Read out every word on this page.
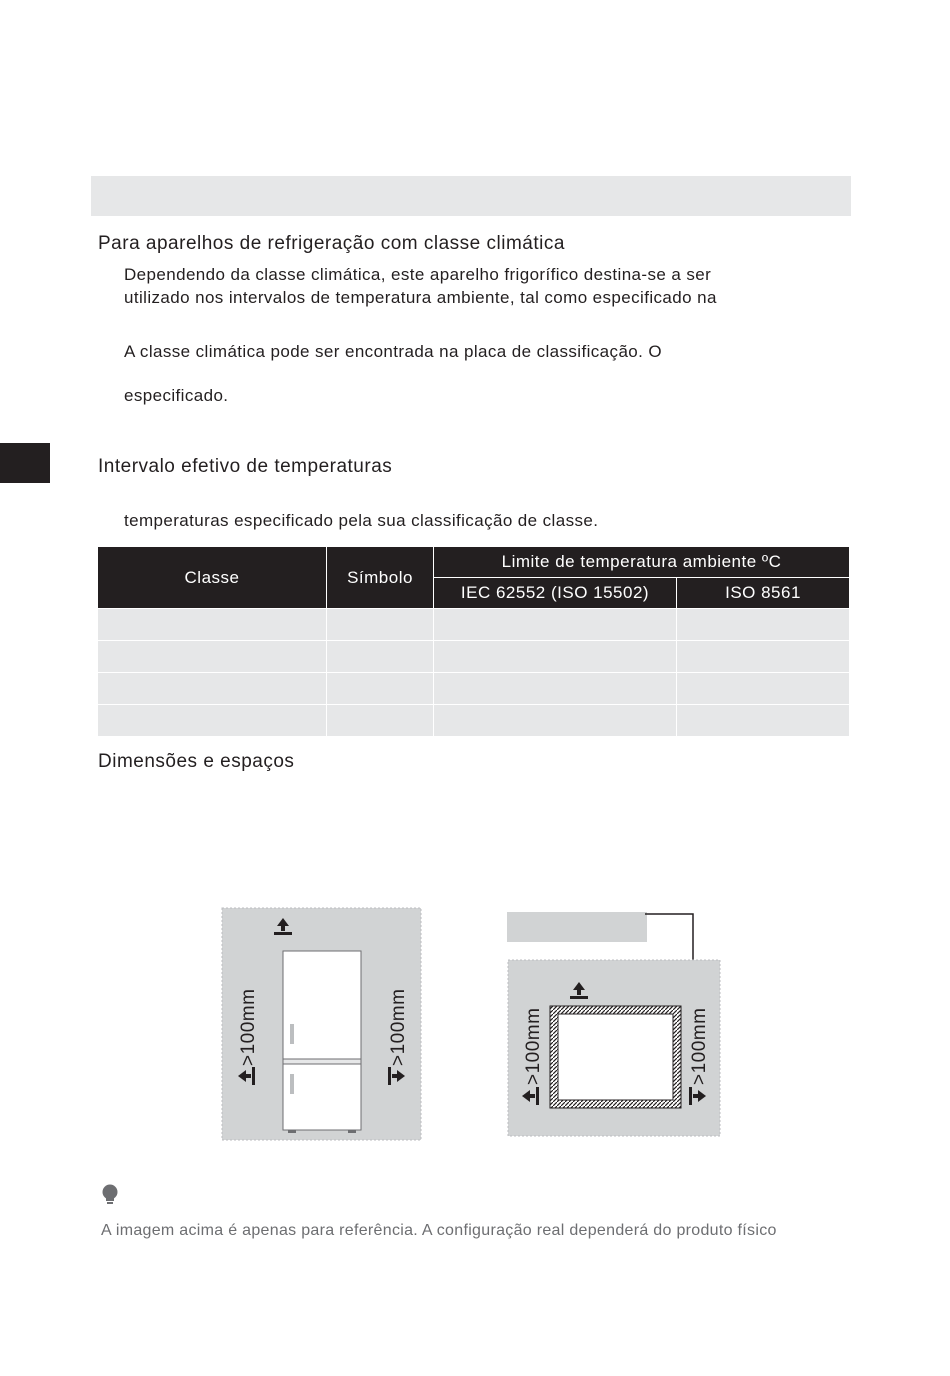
Para aparelhos de refrigeração com classe climática
Dependendo da classe climática, este aparelho frigorífico destina-se a ser
utilizado nos intervalos de temperatura ambiente, tal como especificado na
A classe climática pode ser encontrada na placa de classificação. O
especificado.
Intervalo efetivo de temperaturas
temperaturas especificado pela sua classificação de classe.
Classe	Símbolo	Limite de temperatura ambiente ºC	
		IEC 62552 (ISO 15502)	ISO 8561

Dimensões e espaços
>100mm	>100mm	>100mm	>100mm
A imagem acima é apenas para referência. A configuração real dependerá do produto físico
